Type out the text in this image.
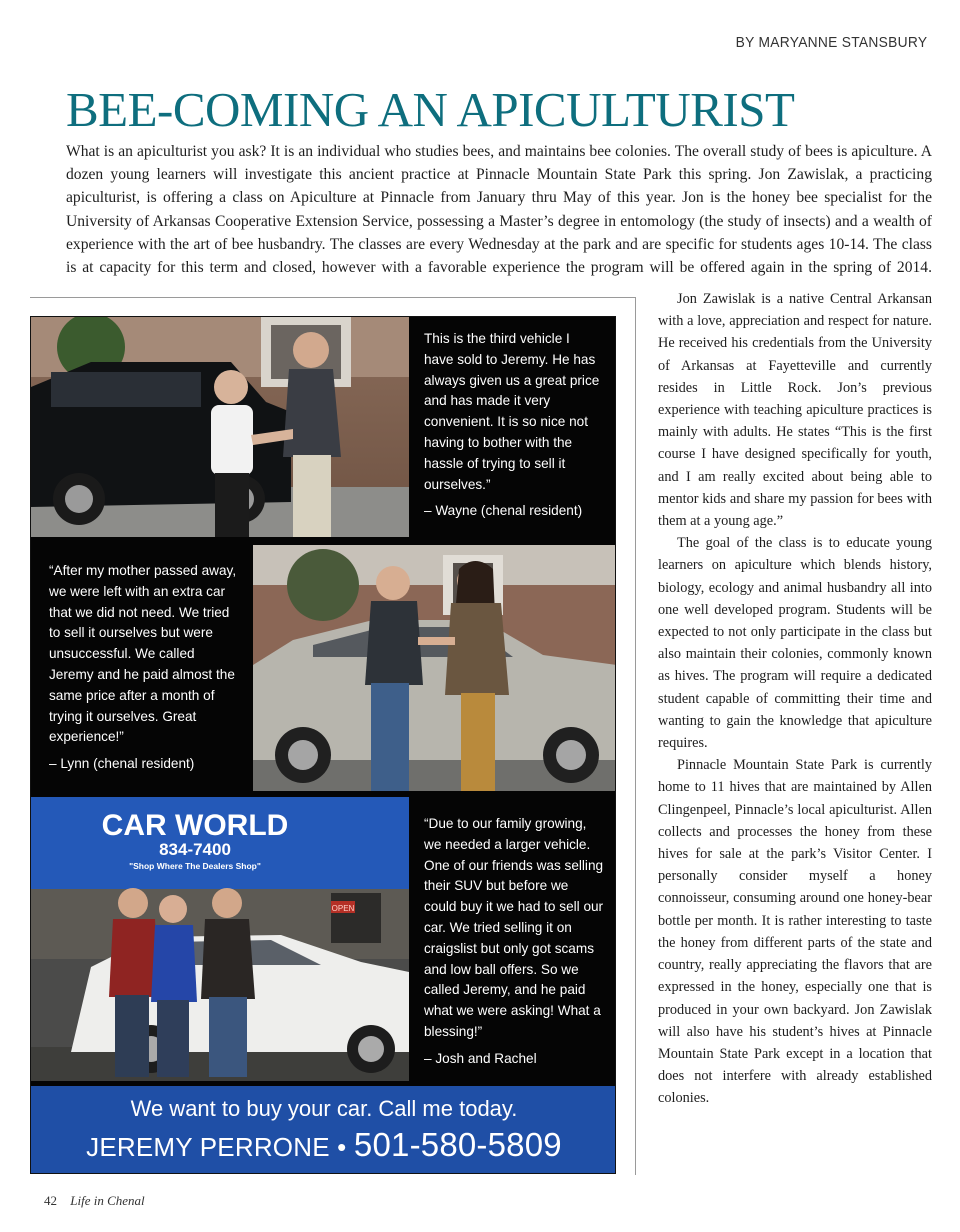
BY MARYANNE STANSBURY
BEE-COMING AN APICULTURIST

What is an apiculturist you ask? It is an individual who studies bees, and maintains bee colonies. The overall study of bees is apiculture. A dozen young learners will investigate this ancient practice at Pinnacle Mountain State Park this spring. Jon Zawislak, a practicing apiculturist, is offering a class on Apiculture at Pinnacle from January thru May of this year. Jon is the honey bee specialist for the University of Arkansas Cooperative Extension Service, possessing a Master’s degree in entomology (the study of insects) and a wealth of experience with the art of bee husbandry. The classes are every Wednesday at the park and are specific for students ages 10-14. The class is at capacity for this term and closed, however with a favorable experience the program will be offered again in the spring of 2014.

This is the third vehicle I have sold to Jeremy. He has always given us a great price and has made it very convenient. It is so nice not having to bother with the hassle of trying to sell it ourselves.”

– Wayne (chenal resident)

“After my mother passed away, we were left with an extra car that we did not need. We tried to sell it ourselves but were unsuccessful. We called Jeremy and he paid almost the same price after a month of trying it ourselves. Great experience!”

– Lynn (chenal resident)

CAR WORLD
834-7400
"Shop Where The Dealers Shop"
OPEN

“Due to our family growing, we needed a larger vehicle. One of our friends was selling their SUV but before we could buy it we had to sell our car. We tried selling it on craigslist but only got scams and low ball offers. So we called Jeremy, and he paid what we were asking! What a blessing!”

– Josh and Rachel

We want to buy your car. Call me today.
JEREMY PERRONE • 501-580-5809

Jon Zawislak is a native Central Arkansan with a love, appreciation and respect for nature. He received his credentials from the University of Arkansas at Fayetteville and currently resides in Little Rock. Jon’s previous experience with teaching apiculture practices is mainly with adults. He states “This is the first course I have designed specifically for youth, and I am really excited about being able to mentor kids and share my passion for bees with them at a young age.”

The goal of the class is to educate young learners on apiculture which blends history, biology, ecology and animal husbandry all into one well developed program. Students will be expected to not only participate in the class but also maintain their colonies, commonly known as hives. The program will require a dedicated student capable of committing their time and wanting to gain the knowledge that apiculture requires.

Pinnacle Mountain State Park is currently home to 11 hives that are maintained by Allen Clingenpeel, Pinnacle’s local apiculturist. Allen collects and processes the honey from these hives for sale at the park’s Visitor Center. I personally consider myself a honey connoisseur, consuming around one honey-bear bottle per month. It is rather interesting to taste the honey from different parts of the state and country, really appreciating the flavors that are expressed in the honey, especially one that is produced in your own backyard. Jon Zawislak will also have his student’s hives at Pinnacle Mountain State Park except in a location that does not interfere with already established colonies.

42 Life in Chenal
